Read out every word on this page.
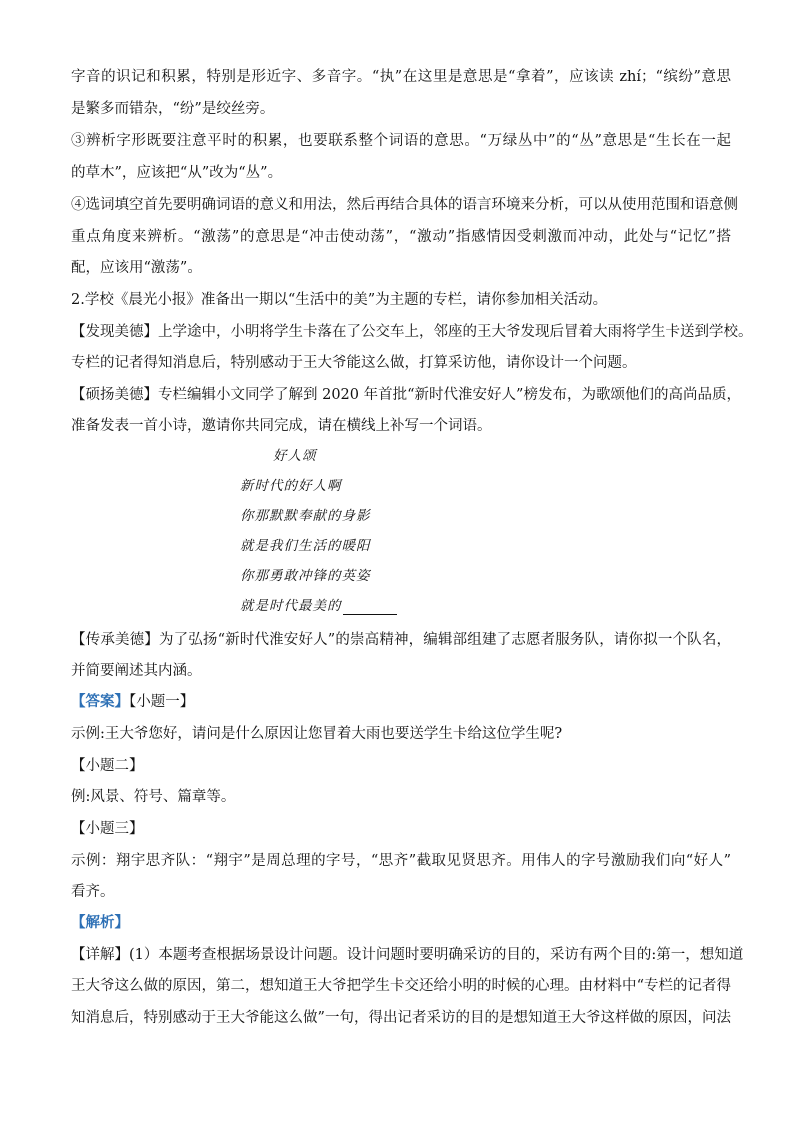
字音的识记和积累，特别是形近字、多音字。“执”在这里是意思是“拿着”，应该读 zhí；“缤纷”意思
是繁多而错杂，“纷”是绞丝旁。
③辨析字形既要注意平时的积累，也要联系整个词语的意思。“万绿丛中”的“丛”意思是“生长在一起
的草木”，应该把“从”改为“丛”。
④选词填空首先要明确词语的意义和用法，然后再结合具体的语言环境来分析，可以从使用范围和语意侧
重点角度来辨析。“激荡”的意思是“冲击使动荡”，“激动”指感情因受刺激而冲动，此处与“记忆”搭
配，应该用“激荡”。
2.学校《晨光小报》准备出一期以“生活中的美”为主题的专栏，请你参加相关活动。
【发现美德】上学途中，小明将学生卡落在了公交车上，邻座的王大爷发现后冒着大雨将学生卡送到学校。
专栏的记者得知消息后，特别感动于王大爷能这么做，打算采访他，请你设计一个问题。
【硕扬美德】专栏编辑小文同学了解到 2020 年首批“新时代淮安好人”榜发布，为歌颂他们的高尚品质，
准备发表一首小诗，邀请你共同完成，请在横线上补写一个词语。
好人颂
新时代的好人啊
你那默默奉献的身影
就是我们生活的暖阳
你那勇敢冲锋的英姿
就是时代最美的
【传承美德】为了弘扬“新时代淮安好人”的崇高精神，编辑部组建了志愿者服务队，请你拟一个队名，
并简要阐述其内涵。
【答案】【小题一】
示例:王大爷您好，请问是什么原因让您冒着大雨也要送学生卡给这位学生呢?
【小题二】
例:风景、符号、篇章等。
【小题三】
示例：翔宇思齐队：“翔宇”是周总理的字号，“思齐”截取见贤思齐。用伟人的字号激励我们向“好人”
看齐。
【解析】
【详解】(1）本题考查根据场景设计问题。设计问题时要明确采访的目的，采访有两个目的:第一，想知道
王大爷这么做的原因，第二，想知道王大爷把学生卡交还给小明的时候的心理。由材料中“专栏的记者得
知消息后，特别感动于王大爷能这么做”一句，得出记者采访的目的是想知道王大爷这样做的原因，问法
